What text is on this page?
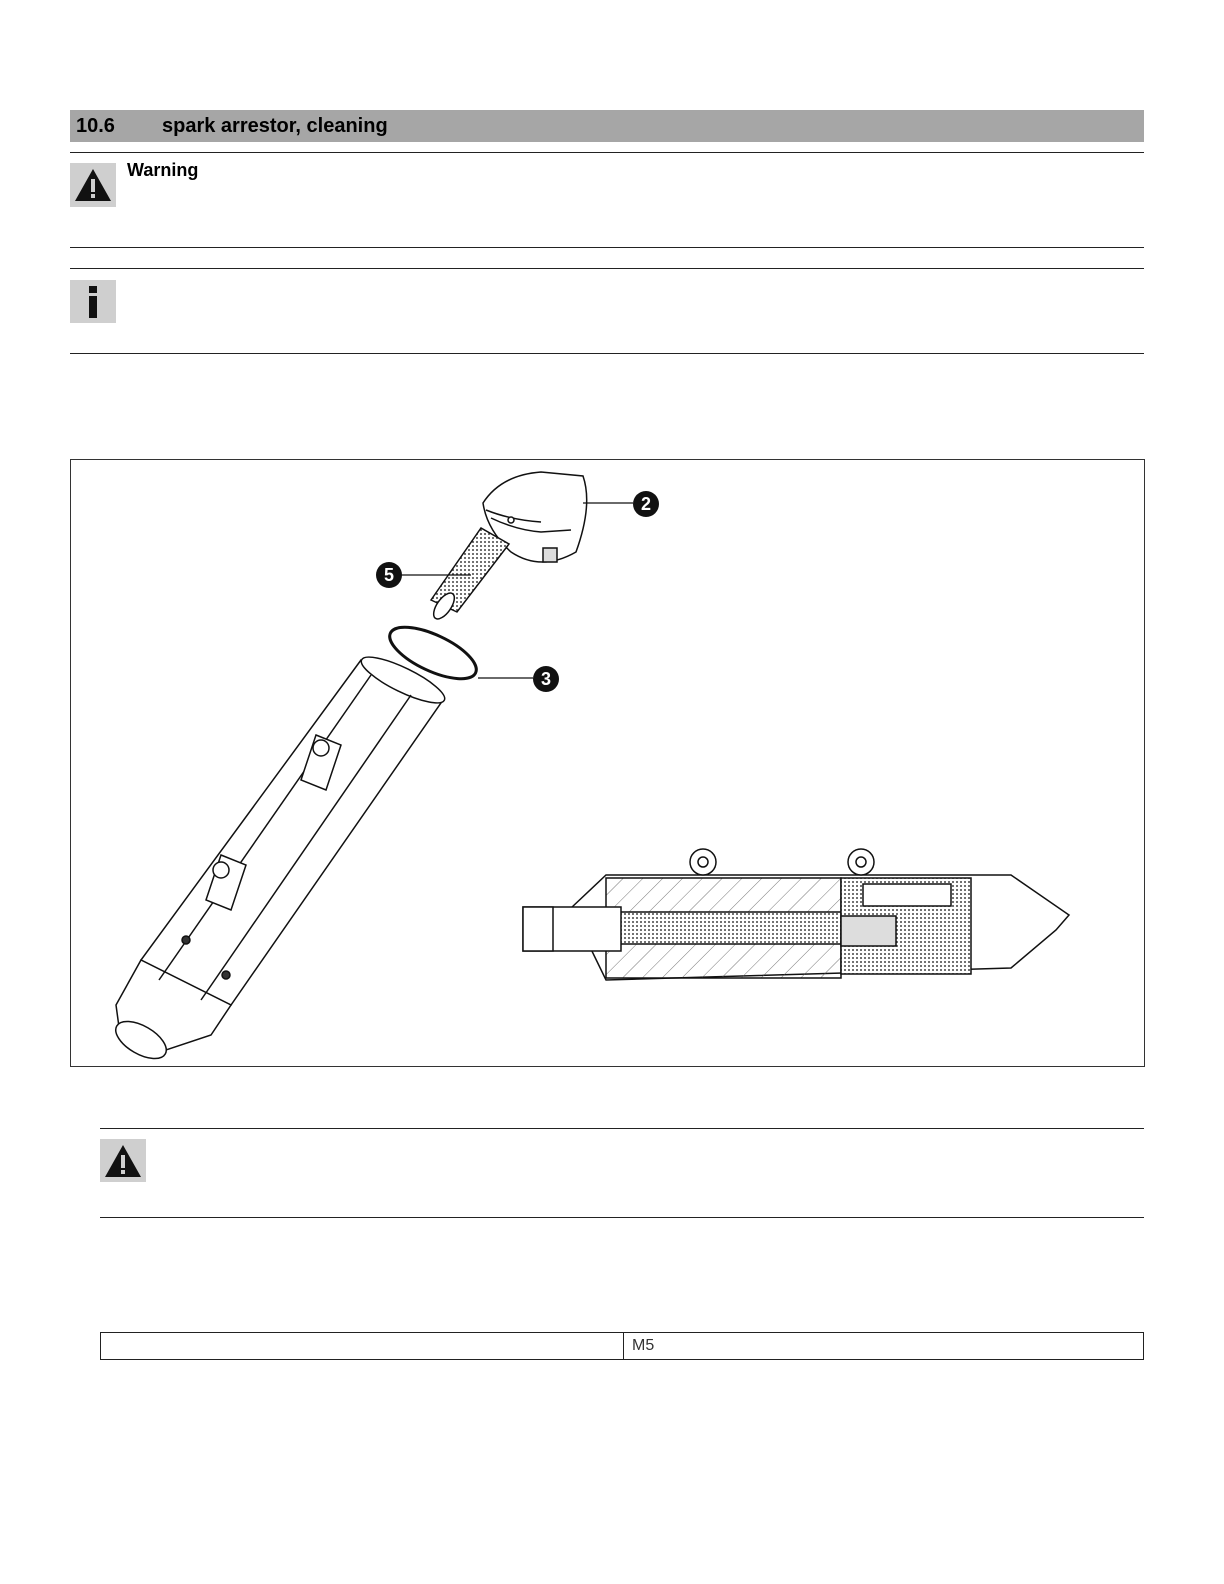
10.6 spark arrestor, cleaning
Warning
2
5
3
M5
